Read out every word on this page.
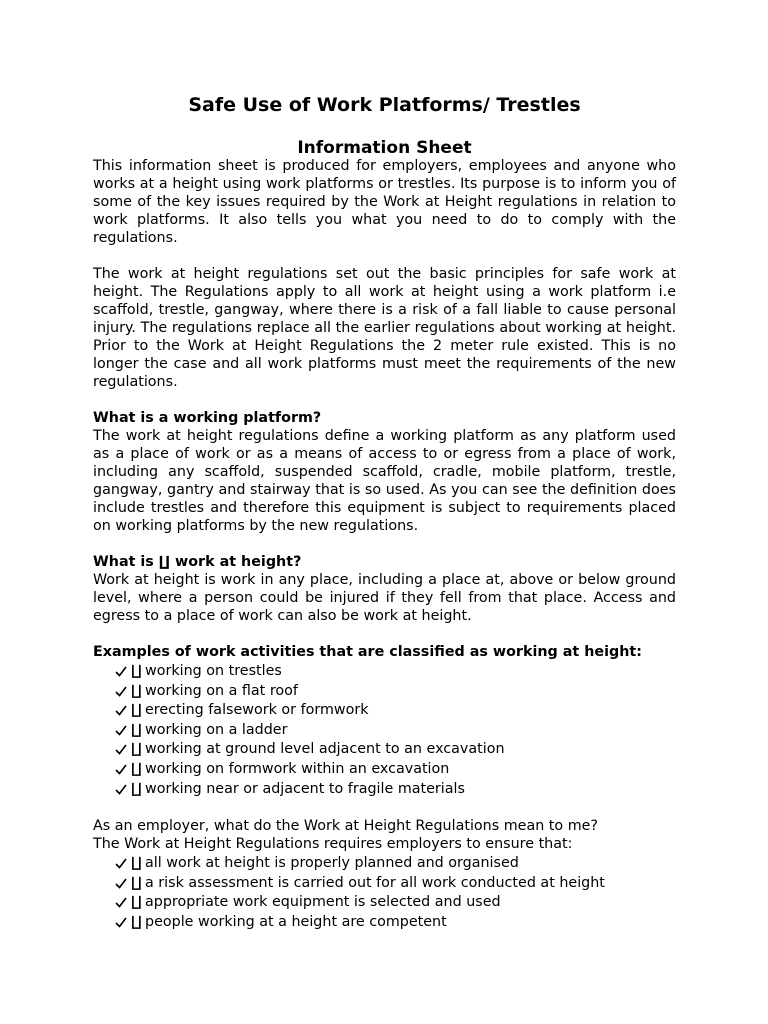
Safe Use of Work Platforms/ Trestles
Information Sheet

This information sheet is produced for employers, employees and anyone who works at a height using work platforms or trestles. Its purpose is to inform you of some of the key issues required by the Work at Height regulations in relation to work platforms. It also tells you what you need to do to comply with the regulations.

The work at height regulations set out the basic principles for safe work at height. The Regulations apply to all work at height using a work platform i.e scaffold, trestle, gangway, where there is a risk of a fall liable to cause personal injury. The regulations replace all the earlier regulations about working at height. Prior to the Work at Height Regulations the 2 meter rule existed. This is no longer the case and all work platforms must meet the requirements of the new regulations.

What is a working platform?

The work at height regulations define a working platform as any platform used as a place of work or as a means of access to or egress from a place of work, including any scaffold, suspended scaffold, cradle, mobile platform, trestle, gangway, gantry and stairway that is so used. As you can see the definition does include trestles and therefore this equipment is subject to requirements placed on working platforms by the new regulations.

What is ∐ work at height?

Work at height is work in any place, including a place at, above or below ground level, where a person could be injured if they fell from that place. Access and egress to a place of work can also be work at height.

Examples of work activities that are classified as working at height:

∐ working on trestles
∐ working on a flat roof
∐ erecting falsework or formwork
∐ working on a ladder
∐ working at ground level adjacent to an excavation
∐ working on formwork within an excavation
∐ working near or adjacent to fragile materials

As an employer, what do the Work at Height Regulations mean to me?

The Work at Height Regulations requires employers to ensure that:

∐ all work at height is properly planned and organised
∐ a risk assessment is carried out for all work conducted at height
∐ appropriate work equipment is selected and used
∐ people working at a height are competent
